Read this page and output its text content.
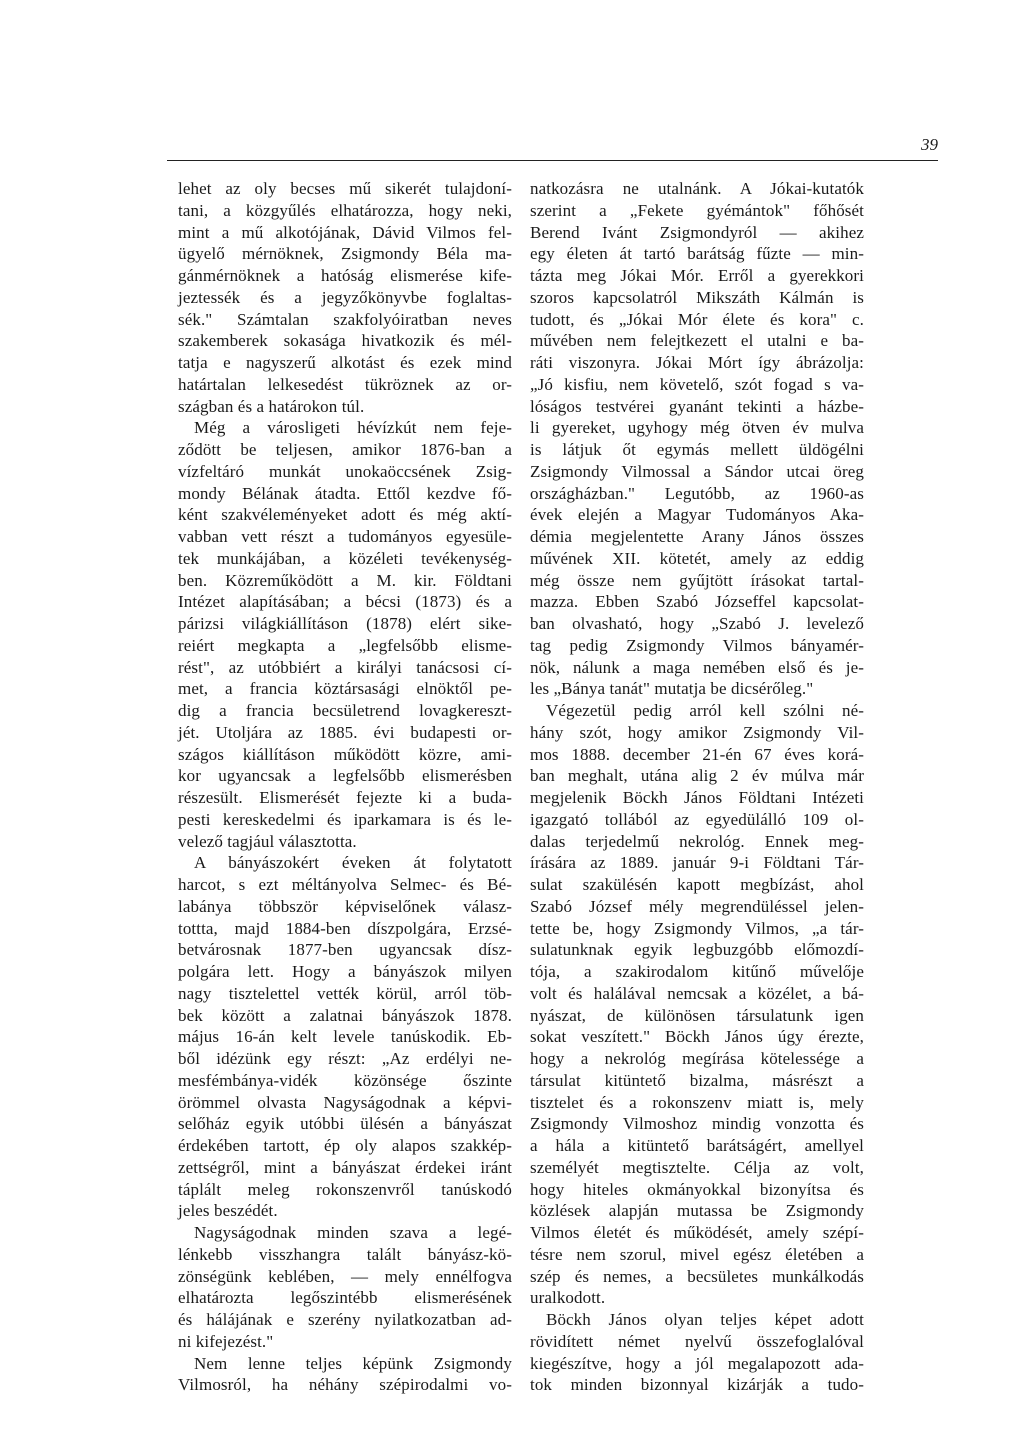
39
lehet az oly becses mű sikerét tulajdoní-
tani, a közgyűlés elhatározza, hogy neki,
mint a mű alkotójának, Dávid Vilmos fel-
ügyelő mérnöknek, Zsigmondy Béla ma-
gánmérnöknek a hatóság elismerése kife-
jeztessék és a jegyzőkönyvbe foglaltas-
sék." Számtalan szakfolyóiratban neves
szakemberek sokasága hivatkozik és mél-
tatja e nagyszerű alkotást és ezek mind
határtalan lelkesedést tükröznek az or-
szágban és a határokon túl.
Még a városligeti hévízkút nem feje-
ződött be teljesen, amikor 1876-ban a
vízfeltáró munkát unokaöccsének Zsig-
mondy Bélának átadta. Ettől kezdve fő-
ként szakvéleményeket adott és még aktí-
vabban vett részt a tudományos egyesüle-
tek munkájában, a közéleti tevékenység-
ben. Közreműködött a M. kir. Földtani
Intézet alapításában; a bécsi (1873) és a
párizsi világkiállításon (1878) elért sike-
reiért megkapta a „legfelsőbb elisme-
rést", az utóbbiért a királyi tanácsosi cí-
met, a francia köztársasági elnöktől pe-
dig a francia becsületrend lovagkereszt-
jét. Utoljára az 1885. évi budapesti or-
szágos kiállításon működött közre, ami-
kor ugyancsak a legfelsőbb elismerésben
részesült. Elismerését fejezte ki a buda-
pesti kereskedelmi és iparkamara is és le-
velező tagjául választotta.
A bányászokért éveken át folytatott
harcot, s ezt méltányolva Selmec- és Bé-
labánya többször képviselőnek válasz-
tottta, majd 1884-ben díszpolgára, Erzsé-
betvárosnak 1877-ben ugyancsak dísz-
polgára lett. Hogy a bányászok milyen
nagy tisztelettel vették körül, arról töb-
bek között a zalatnai bányászok 1878.
május 16-án kelt levele tanúskodik. Eb-
ből idézünk egy részt: „Az erdélyi ne-
mesfémbánya-vidék közönsége őszinte
örömmel olvasta Nagyságodnak a képvi-
selőház egyik utóbbi ülésén a bányászat
érdekében tartott, ép oly alapos szakkép-
zettségről, mint a bányászat érdekei iránt
táplált meleg rokonszenvről tanúskodó
jeles beszédét.
Nagyságodnak minden szava a legé-
lénkebb visszhangra talált bányász-kö-
zönségünk keblében, — mely ennélfogva
elhatározta legőszintébb elismerésének
és hálájának e szerény nyilatkozatban ad-
ni kifejezést."
Nem lenne teljes képünk Zsigmondy
Vilmosról, ha néhány szépirodalmi vo-
natkozásra ne utalnánk. A Jókai-kutatók
szerint a „Fekete gyémántok" főhősét
Berend Ivánt Zsigmondyról — akihez
egy életen át tartó barátság fűzte — min-
tázta meg Jókai Mór. Erről a gyerekkori
szoros kapcsolatról Mikszáth Kálmán is
tudott, és „Jókai Mór élete és kora" c.
művében nem felejtkezett el utalni e ba-
ráti viszonyra. Jókai Mórt így ábrázolja:
„Jó kisfiu, nem követelő, szót fogad s va-
lóságos testvérei gyanánt tekinti a házbe-
li gyereket, ugyhogy még ötven év mulva
is látjuk őt egymás mellett üldögélni
Zsigmondy Vilmossal a Sándor utcai öreg
országházban." Legutóbb, az 1960-as
évek elején a Magyar Tudományos Aka-
démia megjelentette Arany János összes
művének XII. kötetét, amely az eddig
még össze nem gyűjtött írásokat tartal-
mazza. Ebben Szabó Józseffel kapcsolat-
ban olvasható, hogy „Szabó J. levelező
tag pedig Zsigmondy Vilmos bányamér-
nök, nálunk a maga nemében első és je-
les „Bánya tanát" mutatja be dicsérőleg."
Végezetül pedig arról kell szólni né-
hány szót, hogy amikor Zsigmondy Vil-
mos 1888. december 21-én 67 éves korá-
ban meghalt, utána alig 2 év múlva már
megjelenik Böckh János Földtani Intézeti
igazgató tollából az egyedülálló 109 ol-
dalas terjedelmű nekrológ. Ennek meg-
írására az 1889. január 9-i Földtani Tár-
sulat szakülésén kapott megbízást, ahol
Szabó József mély megrendüléssel jelen-
tette be, hogy Zsigmondy Vilmos, „a tár-
sulatunknak egyik legbuzgóbb előmozdí-
tója, a szakirodalom kitűnő művelője
volt és halálával nemcsak a közélet, a bá-
nyászat, de különösen társulatunk igen
sokat veszített." Böckh János úgy érezte,
hogy a nekrológ megírása kötelessége a
társulat kitüntető bizalma, másrészt a
tisztelet és a rokonszenv miatt is, mely
Zsigmondy Vilmoshoz mindig vonzotta és
a hála a kitüntető barátságért, amellyel
személyét megtisztelte. Célja az volt,
hogy hiteles okmányokkal bizonyítsa és
közlések alapján mutassa be Zsigmondy
Vilmos életét és működését, amely szépí-
tésre nem szorul, mivel egész életében a
szép és nemes, a becsületes munkálkodás
uralkodott.
Böckh János olyan teljes képet adott
rövidített német nyelvű összefoglalóval
kiegészítve, hogy a jól megalapozott ada-
tok minden bizonnyal kizárják a tudo-
